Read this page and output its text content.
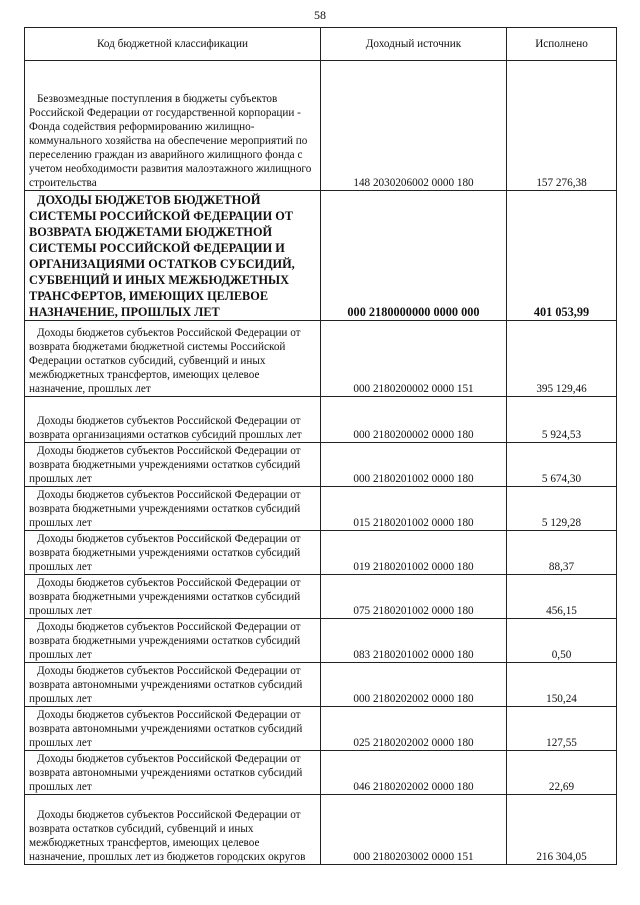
58
Код бюджетной классификации	Доходный источник	Исполнено
Безвозмездные поступления в бюджеты субъектов Российской Федерации от государственной корпорации - Фонда содействия реформированию жилищно-коммунального хозяйства на обеспечение мероприятий по переселению граждан из аварийного жилищного фонда с учетом необходимости развития малоэтажного жилищного строительства	148 2030206002 0000 180	157 276,38
ДОХОДЫ БЮДЖЕТОВ БЮДЖЕТНОЙ СИСТЕМЫ РОССИЙСКОЙ ФЕДЕРАЦИИ ОТ ВОЗВРАТА БЮДЖЕТАМИ БЮДЖЕТНОЙ СИСТЕМЫ РОССИЙСКОЙ ФЕДЕРАЦИИ И ОРГАНИЗАЦИЯМИ ОСТАТКОВ СУБСИДИЙ, СУБВЕНЦИЙ И ИНЫХ МЕЖБЮДЖЕТНЫХ ТРАНСФЕРТОВ, ИМЕЮЩИХ ЦЕЛЕВОЕ НАЗНАЧЕНИЕ, ПРОШЛЫХ ЛЕТ	000 2180000000 0000 000	401 053,99
Доходы бюджетов субъектов Российской Федерации от возврата бюджетами бюджетной системы Российской Федерации остатков субсидий, субвенций и иных межбюджетных трансфертов, имеющих целевое назначение, прошлых лет	000 2180200002 0000 151	395 129,46
Доходы бюджетов субъектов Российской Федерации от возврата организациями остатков субсидий прошлых лет	000 2180200002 0000 180	5 924,53
Доходы бюджетов субъектов Российской Федерации от возврата бюджетными учреждениями остатков субсидий прошлых лет	000 2180201002 0000 180	5 674,30
Доходы бюджетов субъектов Российской Федерации от возврата бюджетными учреждениями остатков субсидий прошлых лет	015 2180201002 0000 180	5 129,28
Доходы бюджетов субъектов Российской Федерации от возврата бюджетными учреждениями остатков субсидий прошлых лет	019 2180201002 0000 180	88,37
Доходы бюджетов субъектов Российской Федерации от возврата бюджетными учреждениями остатков субсидий прошлых лет	075 2180201002 0000 180	456,15
Доходы бюджетов субъектов Российской Федерации от возврата бюджетными учреждениями остатков субсидий прошлых лет	083 2180201002 0000 180	0,50
Доходы бюджетов субъектов Российской Федерации от возврата автономными учреждениями остатков субсидий прошлых лет	000 2180202002 0000 180	150,24
Доходы бюджетов субъектов Российской Федерации от возврата автономными учреждениями остатков субсидий прошлых лет	025 2180202002 0000 180	127,55
Доходы бюджетов субъектов Российской Федерации от возврата автономными учреждениями остатков субсидий прошлых лет	046 2180202002 0000 180	22,69
Доходы бюджетов субъектов Российской Федерации от возврата остатков субсидий, субвенций и иных межбюджетных трансфертов, имеющих целевое назначение, прошлых лет из бюджетов городских округов	000 2180203002 0000 151	216 304,05
